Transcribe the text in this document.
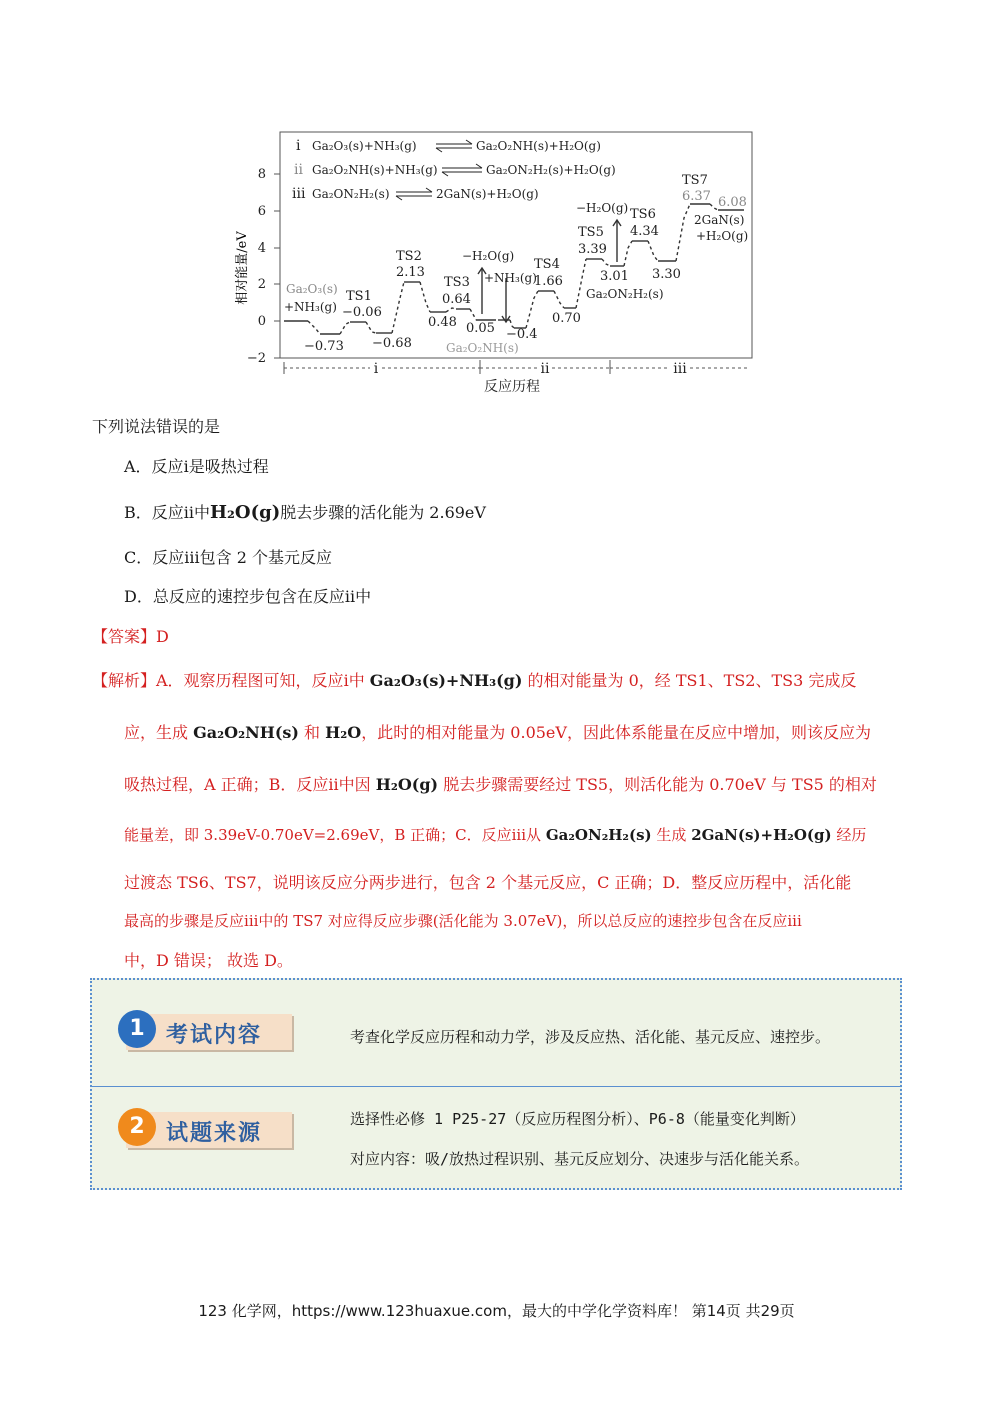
8
6
4
2
0
−2
相对能量/eV
i Ga₂O₃(s)+NH₃(g)	Ga₂O₂NH(s)+H₂O(g)
ii Ga₂O₂NH(s)+NH₃(g)	Ga₂ON₂H₂(s)+H₂O(g)
iii Ga₂ON₂H₂(s)	2GaN(s)+H₂O(g)
Ga₂O₃(s)
+NH₃(g)
−0.73
TS1
−0.06
−0.68
TS2
2.13
0.48
TS3
0.64
0.05
−H₂O(g)
+NH₃(g)
−0.4
Ga₂O₂NH(s)
TS4
1.66
0.70
−H₂O(g)
TS5
3.39
3.01
Ga₂ON₂H₂(s)
TS6
4.34
3.30
TS7
6.37 6.08
2GaN(s)
+H₂O(g)
i	ii	iii
反应历程
下列说法错误的是
A．反应i是吸热过程
B．反应ii中H₂O(g)脱去步骤的活化能为 2.69eV
C．反应iii包含 2 个基元反应
D．总反应的速控步包含在反应ii中
【答案】D
【解析】A．观察历程图可知，反应i中 Ga₂O₃(s)+NH₃(g) 的相对能量为 0，经 TS1、TS2、TS3 完成反
应，生成 Ga₂O₂NH(s) 和 H₂O，此时的相对能量为 0.05eV，因此体系能量在反应中增加，则该反应为
吸热过程，A 正确；B．反应ii中因 H₂O(g) 脱去步骤需要经过 TS5，则活化能为 0.70eV 与 TS5 的相对
能量差，即 3.39eV-0.70eV=2.69eV，B 正确；C．反应iii从 Ga₂ON₂H₂(s) 生成 2GaN(s)+H₂O(g) 经历
过渡态 TS6、TS7，说明该反应分两步进行，包含 2 个基元反应，C 正确；D．整反应历程中，活化能
最高的步骤是反应iii中的 TS7 对应得反应步骤(活化能为 3.07eV)，所以总反应的速控步包含在反应iii
中，D 错误； 故选 D。
1 考试内容	考查化学反应历程和动力学，涉及反应热、活化能、基元反应、速控步。
2 试题来源
选择性必修 1 P25-27（反应历程图分析）、P6-8（能量变化判断）
对应内容：吸/放热过程识别、基元反应划分、决速步与活化能关系。
123 化学网，https://www.123huaxue.com，最大的中学化学资料库！ 第14页 共29页
